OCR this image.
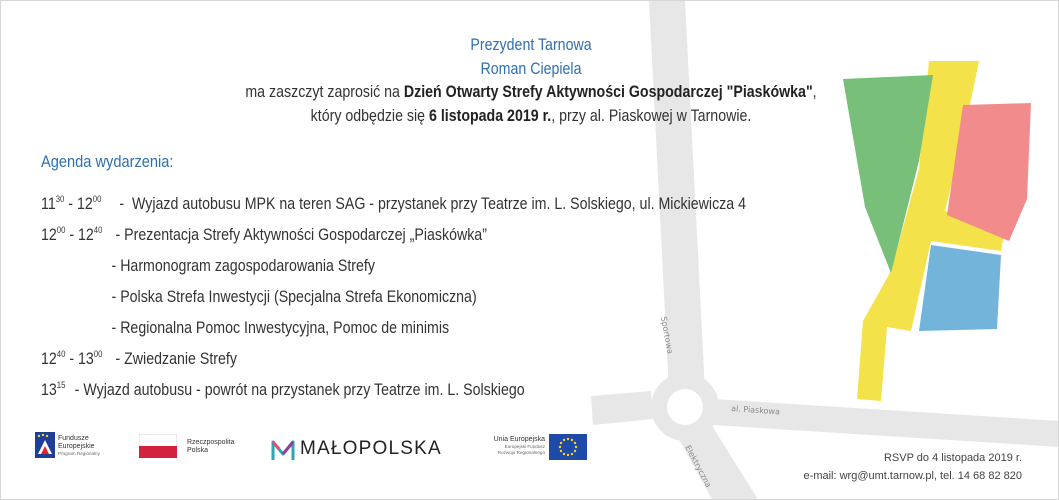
Sportowa
al. Piaskowa
Elektryczna
Prezydent Tarnowa
Roman Ciepiela
ma zaszczyt zaprosić na Dzień Otwarty Strefy Aktywności Gospodarczej "Piaskówka",
który odbędzie się 6 listopada 2019 r., przy al. Piaskowej w Tarnowie.
Agenda wydarzenia:
$11^{30} - 12^{00}$ - Wyjazd autobusu MPK na teren SAG - przystanek przy Teatrze im. L. Solskiego, ul. Mickiewicza 4
$12^{00} - 12^{40}$ - Prezentacja Strefy Aktywności Gospodarczej „Piaskówka”
- Harmonogram zagospodarowania Strefy
- Polska Strefa Inwestycji (Specjalna Strefa Ekonomiczna)
- Regionalna Pomoc Inwestycyjna, Pomoc de minimis
$12^{40} - 13^{00}$ - Zwiedzanie Strefy
$13^{15}$ - Wyjazd autobusu - powrót na przystanek przy Teatrze im. L. Solskiego
Fundusze
Europejskie
Program Regionalny
Rzeczpospolita
Polska	MAŁOPOLSKA	Unia Europejska
Europejski Fundusz
Rozwoju Regionalnego	RSVP do 4 listopada 2019 r.
e-mail: wrg@umt.tarnow.pl, tel. 14 68 82 820
